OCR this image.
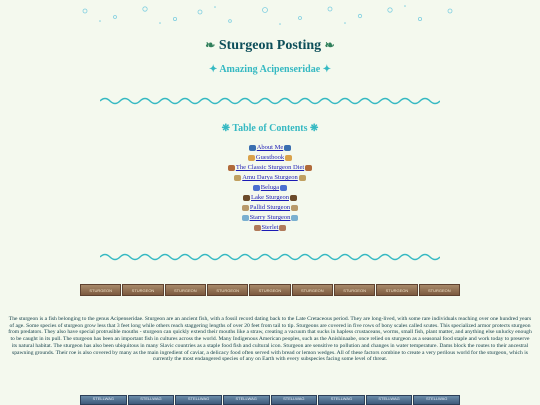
❧ Sturgeon Posting ❧
✦ Amazing Acipenseridae ✦
❋ Table of Contents ❋
About Me
Guestbook
The Classic Sturgeon Diet
Amu Darya Sturgeon
Beluga
Lake Sturgeon
Pallid Sturgeon
Starry Sturgeon
Sterlet
STURGEON	STURGEON	STURGEON	STURGEON	STURGEON	STURGEON	STURGEON	STURGEON	STURGEON

The sturgeon is a fish belonging to the genus Acipenseridae. Sturgeon are an ancient fish, with a fossil record dating back to the Late Cretaceous period. They are long-lived, with some rare individuals reaching over one hundred years of age. Some species of sturgeon grow less that 3 feet long while others reach staggering lengths of over 20 feet from tail to tip. Sturgeons are covered in five rows of bony scales called scutes. This specialized armor protects sturgeon from predators. They also have special protrusible mouths - sturgeon can quickly extend their mouths like a straw, creating a vacuum that sucks in hapless crustaceans, worms, small fish, plant matter, and anything else unlucky enough to be caught in its pull. The sturgeon has been an important fish in cultures across the world. Many Indigenous American peoples, such as the Anishinaabe, once relied on sturgeon as a seasonal food staple and work today to preserve its natural habitat. The sturgeon has also been ubiquitous in many Slavic countries as a staple food fish and cultural icon. Sturgeon are sensitive to pollution and changes in water temperature. Dams block the routes to their ancestral spawning grounds. Their roe is also covered by many as the main ingredient of caviar, a delicacy food often served with bread or lemon wedges. All of these factors combine to create a very perilous world for the sturgeon, which is currently the most endangered species of any on Earth with every subspecies facing some level of threat.

STELLWAG	STELLWAG	STELLWAG	STELLWAG	STELLWAG	STELLWAG	STELLWAG	STELLWAG
